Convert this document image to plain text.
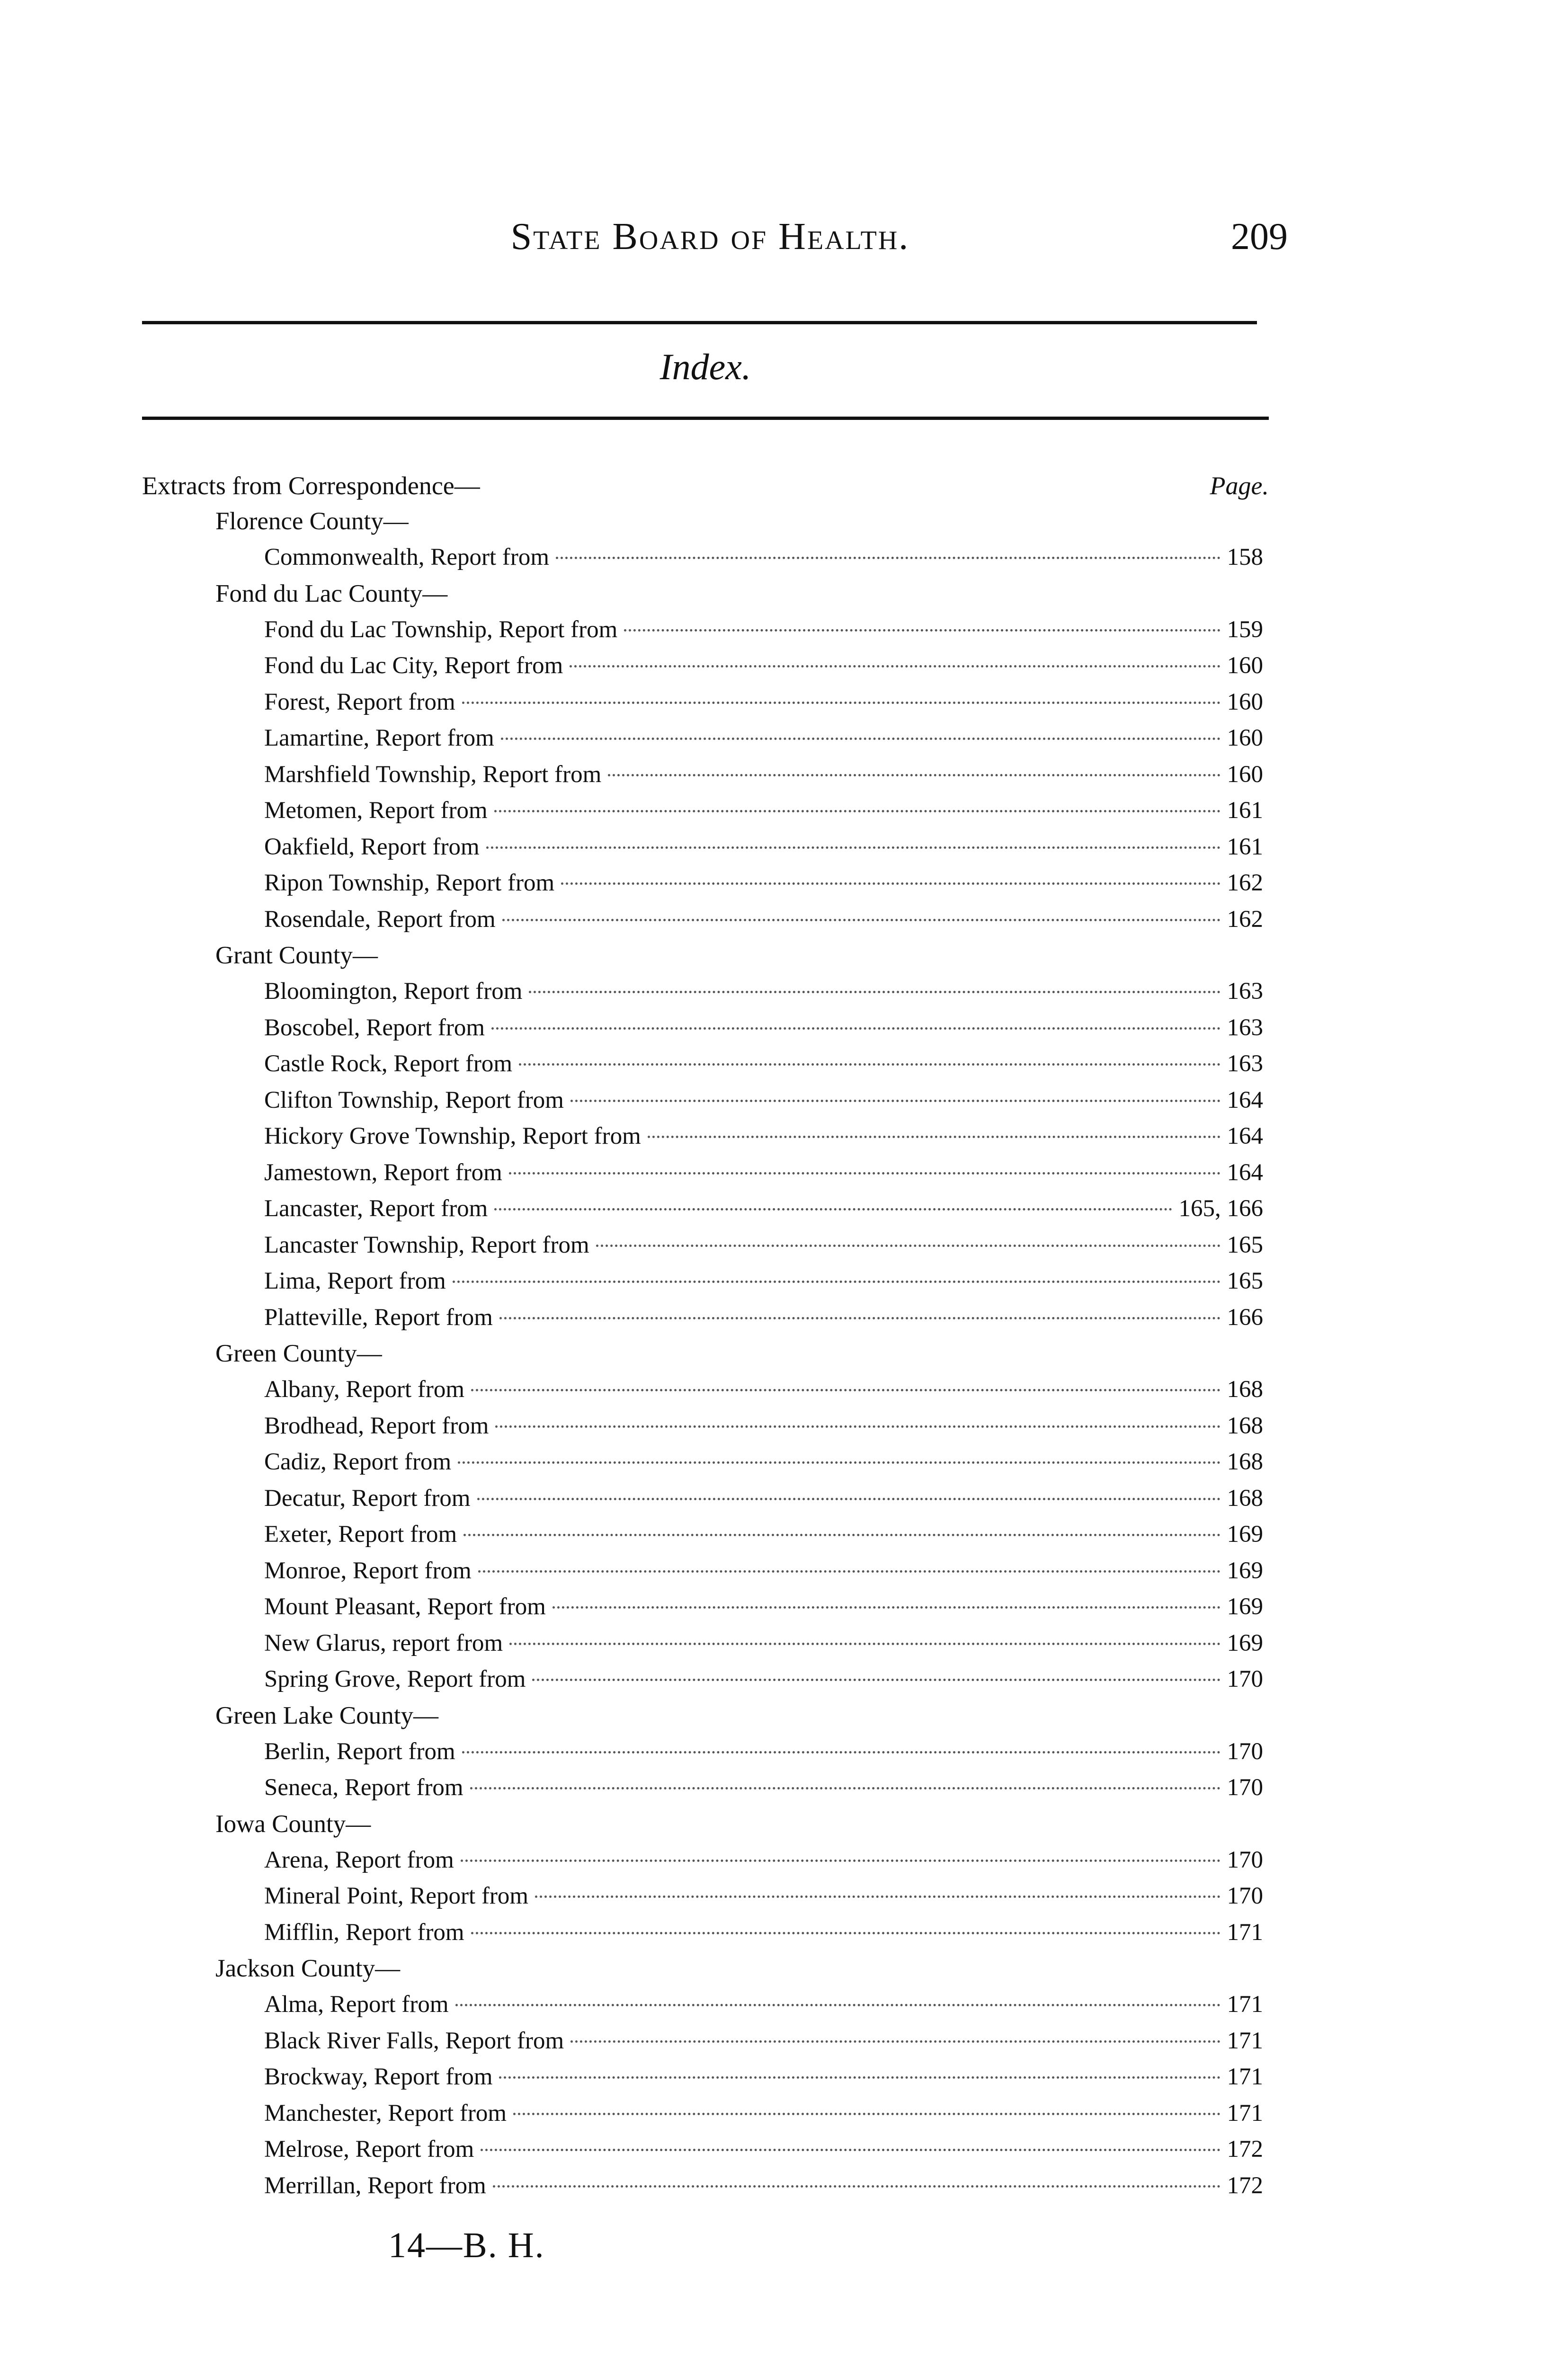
State Board of Health.	209
Index.
Extracts from Correspondence—	Page.
Florence County—
Commonwealth, Report from	158
Fond du Lac County—
Fond du Lac Township, Report from	159
Fond du Lac City, Report from	160
Forest, Report from	160
Lamartine, Report from	160
Marshfield Township, Report from	160
Metomen, Report from	161
Oakfield, Report from	161
Ripon Township, Report from	162
Rosendale, Report from	162
Grant County—
Bloomington, Report from	163
Boscobel, Report from	163
Castle Rock, Report from	163
Clifton Township, Report from	164
Hickory Grove Township, Report from	164
Jamestown, Report from	164
Lancaster, Report from	165, 166
Lancaster Township, Report from	165
Lima, Report from	165
Platteville, Report from	166
Green County—
Albany, Report from	168
Brodhead, Report from	168
Cadiz, Report from	168
Decatur, Report from	168
Exeter, Report from	169
Monroe, Report from	169
Mount Pleasant, Report from	169
New Glarus, report from	169
Spring Grove, Report from	170
Green Lake County—
Berlin, Report from	170
Seneca, Report from	170
Iowa County—
Arena, Report from	170
Mineral Point, Report from	170
Mifflin, Report from	171
Jackson County—
Alma, Report from	171
Black River Falls, Report from	171
Brockway, Report from	171
Manchester, Report from	171
Melrose, Report from	172
Merrillan, Report from	172
14—B. H.
